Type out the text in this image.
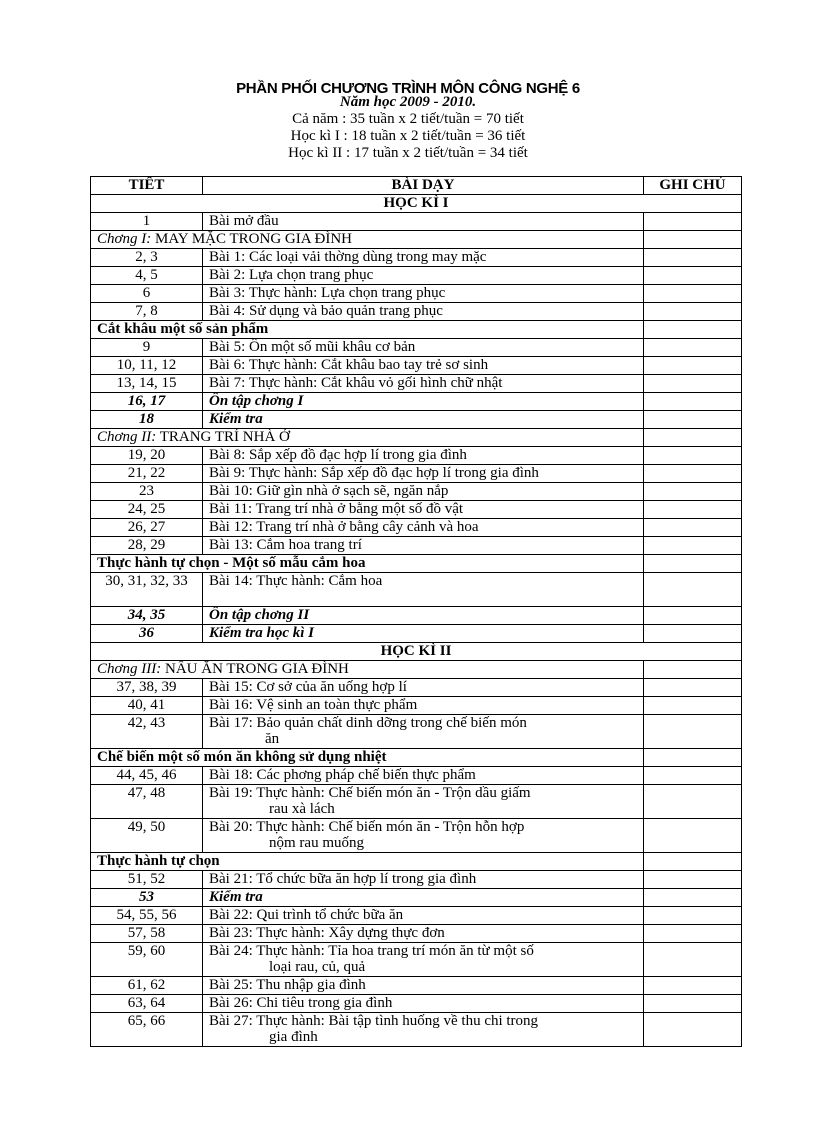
PHẦN PHỐI CHƯƠNG TRÌNH MÔN CÔNG NGHỆ 6
Năm học 2009 - 2010.
Cả năm : 35 tuần x 2 tiết/tuần = 70 tiết
Học kì I : 18 tuần x 2 tiết/tuần = 36 tiết
Học kì II : 17 tuần x 2 tiết/tuần = 34 tiết
TIẾT	BÀI DẠY	GHI CHÚ
HỌC KÌ I		
1	Bài mở đầu	
Chơng I: MAY MẶC TRONG GIA ĐÌNH		
2, 3	Bài 1: Các loại vải thờng dùng trong may mặc	
4, 5	Bài 2: Lựa chọn trang phục	
6	Bài 3: Thực hành: Lựa chọn trang phục	
7, 8	Bài 4: Sử dụng và bảo quản trang phục	
Cắt khâu một số sản phẩm		
9	Bài 5: Ôn một số mũi khâu cơ bản	
10, 11, 12	Bài 6: Thực hành: Cắt khâu bao tay trẻ sơ sinh	
13, 14, 15	Bài 7: Thực hành: Cắt khâu vỏ gối hình chữ nhật	
16, 17	Ôn tập chơng I	
18	Kiểm tra	
Chơng II: TRANG TRÍ NHÀ Ở		
19, 20	Bài 8: Sắp xếp đồ đạc hợp lí trong gia đình	
21, 22	Bài 9: Thực hành: Sắp xếp đồ đạc hợp lí trong gia đình	
23	Bài 10: Giữ gìn nhà ở sạch sẽ, ngăn nắp	
24, 25	Bài 11: Trang trí nhà ở bằng một số đồ vật	
26, 27	Bài 12: Trang trí nhà ở bằng cây cảnh và hoa	
28, 29	Bài 13: Cắm hoa trang trí	
Thực hành tự chọn - Một số mẫu cắm hoa		
30, 31, 32, 33	Bài 14: Thực hành: Cắm hoa	
34, 35	Ôn tập chơng II	
36	Kiểm tra học kì I	
HỌC KÌ II		
Chơng III: NẤU ĂN TRONG GIA ĐÌNH		
37, 38, 39	Bài 15: Cơ sở của ăn uống hợp lí	
40, 41	Bài 16: Vệ sinh an toàn thực phẩm	
42, 43	Bài 17: Bảo quản chất dinh dỡng trong chế biến món
ăn	

Chế biến một số món ăn không sử dụng nhiệt		
44, 45, 46	Bài 18: Các phơng pháp chế biến thực phẩm	
47, 48	Bài 19: Thực hành: Chế biến món ăn - Trộn dầu giấm
rau xà lách	

49, 50	Bài 20: Thực hành: Chế biến món ăn - Trộn hỗn hợp
nộm rau muống	

Thực hành tự chọn		
51, 52	Bài 21: Tổ chức bữa ăn hợp lí trong gia đình	
53	Kiểm tra	
54, 55, 56	Bài 22: Qui trình tổ chức bữa ăn	
57, 58	Bài 23: Thực hành: Xây dựng thực đơn	
59, 60	Bài 24: Thực hành: Tỉa hoa trang trí món ăn từ một số
loại rau, củ, quả	

61, 62	Bài 25: Thu nhập gia đình	
63, 64	Bài 26: Chi tiêu trong gia đình	
65, 66	Bài 27: Thực hành: Bài tập tình huống về thu chi trong
gia đình	
